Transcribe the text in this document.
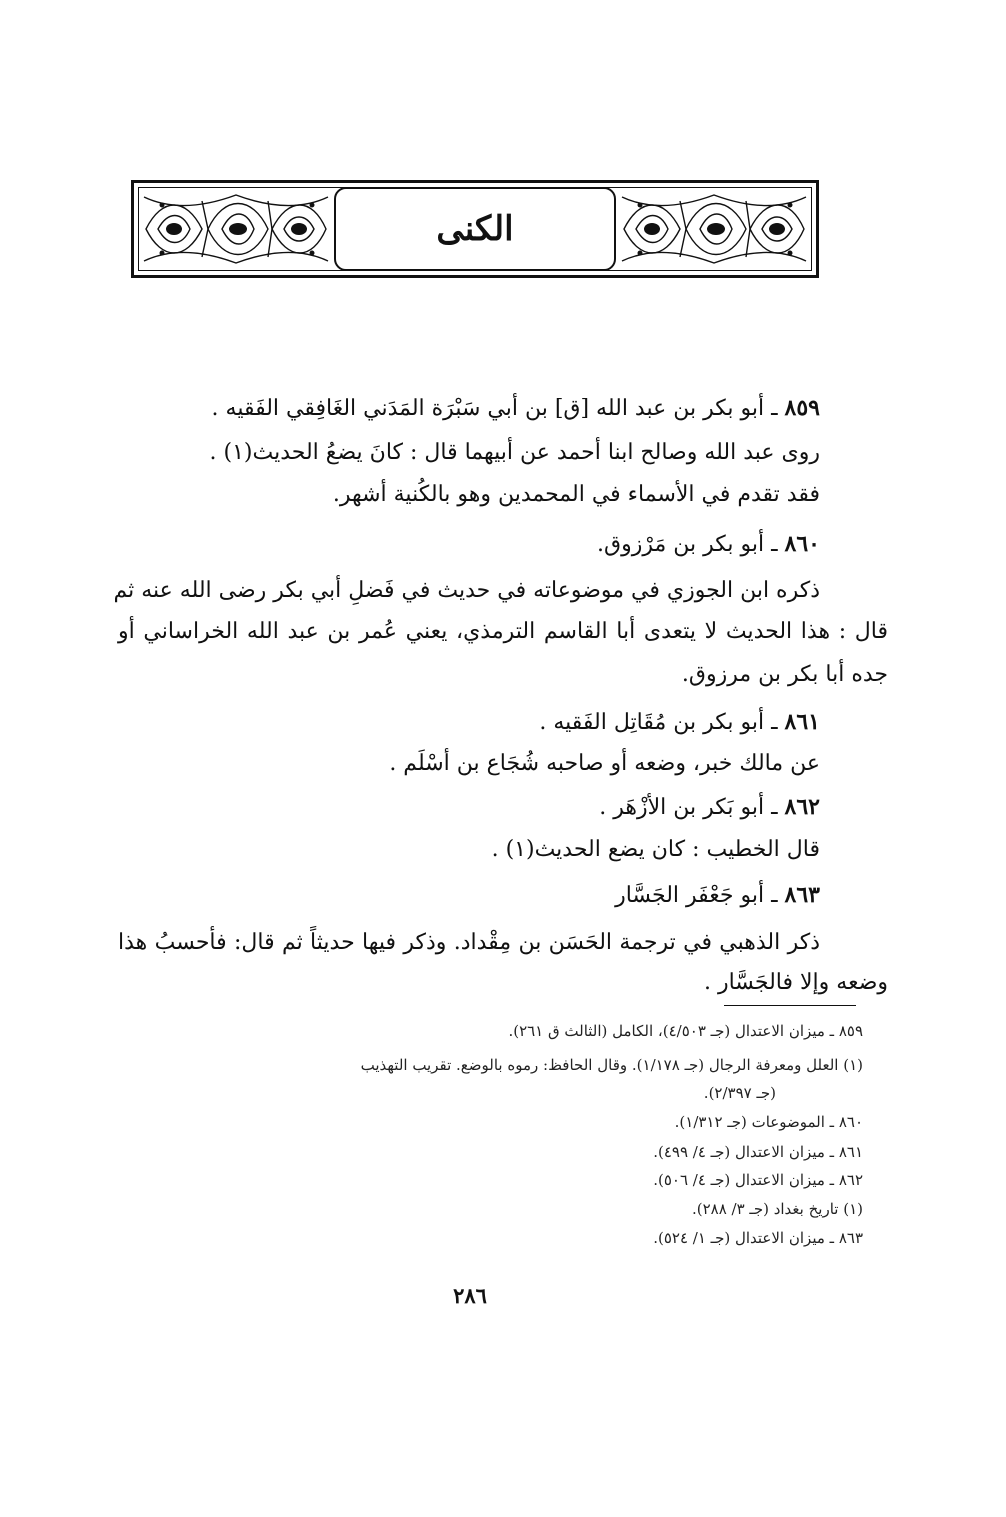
الكنى
٨٥٩ ـ أبو بكر بن عبد الله [ق] بن أبي سَبْرَة المَدَني الغَافِقي الفَقيه .
روى عبد الله وصالح ابنا أحمد عن أبيهما قال : كانَ يضعُ الحديث(١) .
فقد تقدم في الأسماء في المحمدين وهو بالكُنية أشهر.
٨٦٠ ـ أبو بكر بن مَرْزوق.
ذكره ابن الجوزي في موضوعاته في حديث في فَضلِ أبي بكر رضى الله عنه ثم
قال : هذا الحديث لا يتعدى أبا القاسم الترمذي، يعني عُمر بن عبد الله الخراساني أو
جده أبا بكر بن مرزوق.
٨٦١ ـ أبو بكر بن مُقَاتِل الفَقيه .
عن مالك خبر، وضعه أو صاحبه شُجَاع بن أسْلَم .
٨٦٢ ـ أبو بَكر بن الأزْهَر .
قال الخطيب : كان يضع الحديث(١) .
٨٦٣ ـ أبو جَعْفَر الجَسَّار
ذكر الذهبي في ترجمة الحَسَن بن مِقْداد. وذكر فيها حديثاً ثم قال: فأحسبُ هذا
وضعه وإلا فالجَسَّار .
٨٥٩ ـ ميزان الاعتدال (جـ ٤/٥٠٣)، الكامل (الثالث ق ٢٦١).
(١) العلل ومعرفة الرجال (جـ ١/١٧٨). وقال الحافظ: رموه بالوضع. تقريب التهذيب
(جـ ٢/٣٩٧).
٨٦٠ ـ الموضوعات (جـ ١/٣١٢).
٨٦١ ـ ميزان الاعتدال (جـ ٤/ ٤٩٩).
٨٦٢ ـ ميزان الاعتدال (جـ ٤/ ٥٠٦).
(١) تاريخ بغداد (جـ ٣/ ٢٨٨).
٨٦٣ ـ ميزان الاعتدال (جـ ١/ ٥٢٤).
٢٨٦
